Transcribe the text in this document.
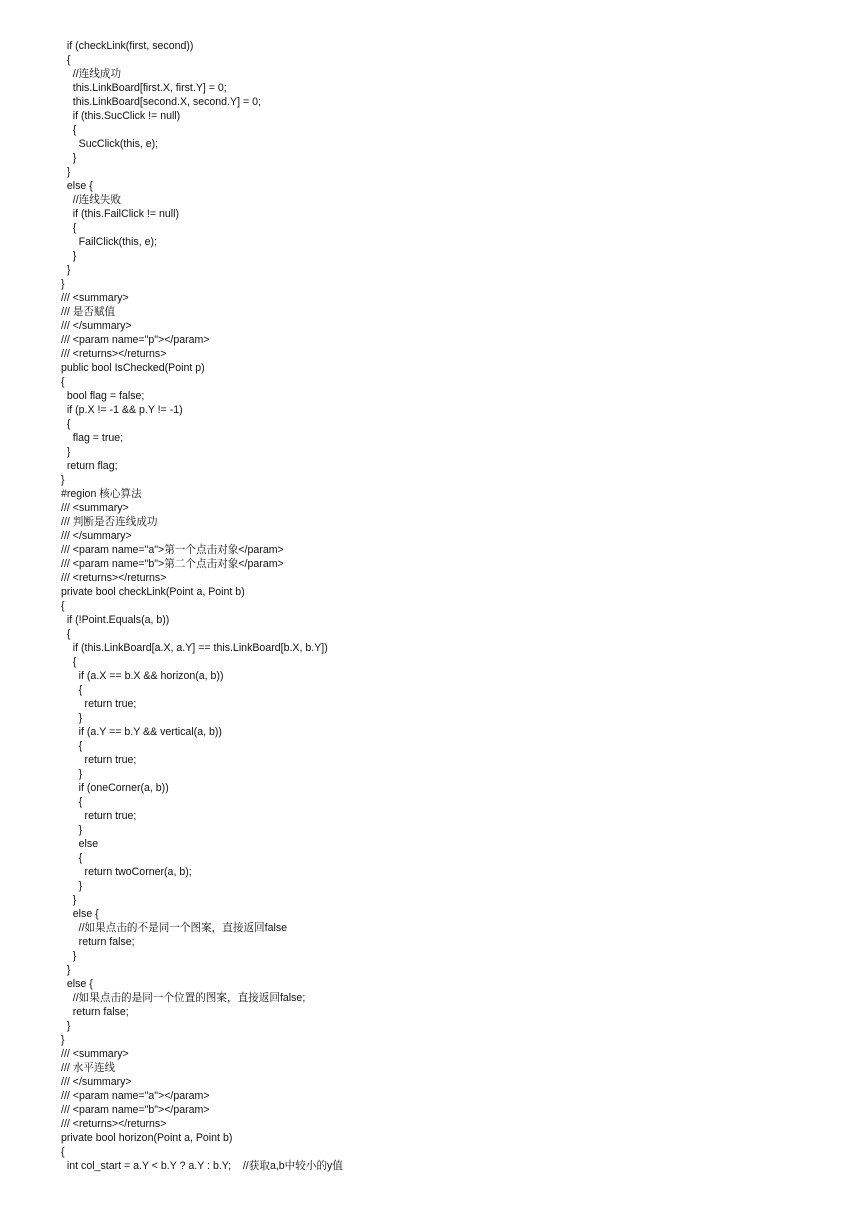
if (checkLink(first, second))
{
//连线成功
this.LinkBoard[first.X, first.Y] = 0;
this.LinkBoard[second.X, second.Y] = 0;
if (this.SucClick != null)
{
SucClick(this, e);
}
}
else {
//连线失败
if (this.FailClick != null)
{
FailClick(this, e);
}
}
}
/// <summary>
/// 是否赋值
/// </summary>
/// <param name="p"></param>
/// <returns></returns>
public bool IsChecked(Point p)
{
bool flag = false;
if (p.X != -1 && p.Y != -1)
{
flag = true;
}
return flag;
}
#region 核心算法
/// <summary>
/// 判断是否连线成功
/// </summary>
/// <param name="a">第一个点击对象</param>
/// <param name="b">第二个点击对象</param>
/// <returns></returns>
private bool checkLink(Point a, Point b)
{
if (!Point.Equals(a, b))
{
if (this.LinkBoard[a.X, a.Y] == this.LinkBoard[b.X, b.Y])
{
if (a.X == b.X && horizon(a, b))
{
return true;
}
if (a.Y == b.Y && vertical(a, b))
{
return true;
}
if (oneCorner(a, b))
{
return true;
}
else
{
return twoCorner(a, b);
}
}
else {
//如果点击的不是同一个图案，直接返回false
return false;
}
}
else {
//如果点击的是同一个位置的图案，直接返回false;
return false;
}
}
/// <summary>
/// 水平连线
/// </summary>
/// <param name="a"></param>
/// <param name="b"></param>
/// <returns></returns>
private bool horizon(Point a, Point b)
{
int col_start = a.Y < b.Y ? a.Y : b.Y;    //获取a,b中较小的y值
